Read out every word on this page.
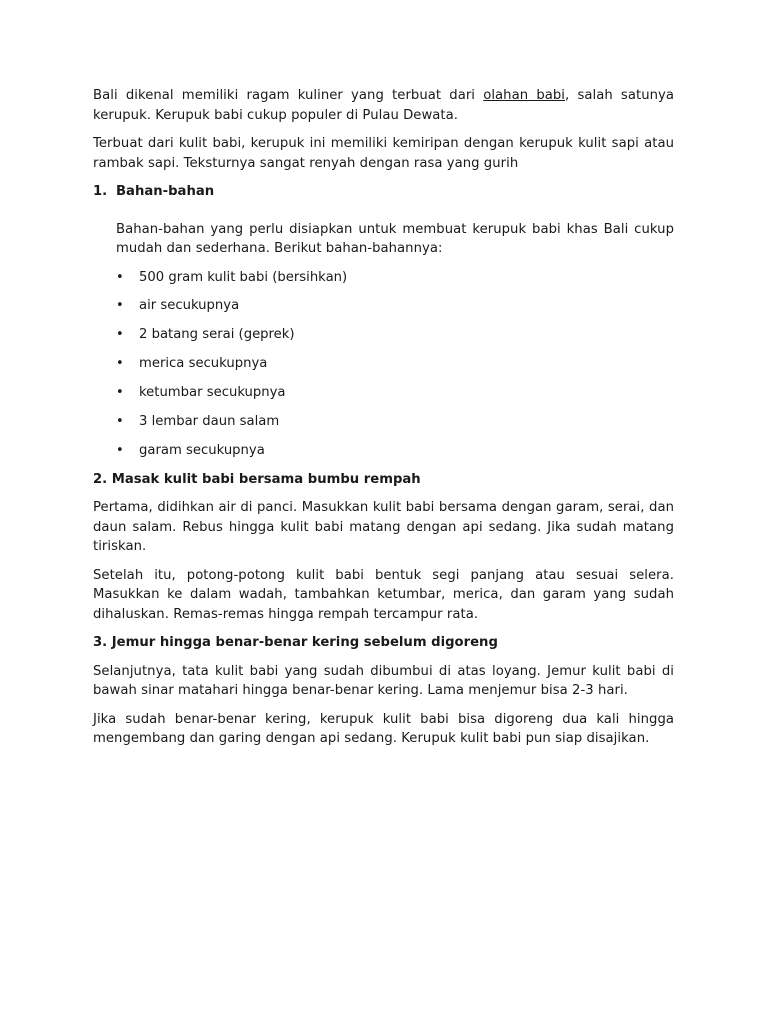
Bali dikenal memiliki ragam kuliner yang terbuat dari olahan babi, salah satunya kerupuk. Kerupuk babi cukup populer di Pulau Dewata.

Terbuat dari kulit babi, kerupuk ini memiliki kemiripan dengan kerupuk kulit sapi atau rambak sapi. Teksturnya sangat renyah dengan rasa yang gurih

1. Bahan-bahan

Bahan-bahan yang perlu disiapkan untuk membuat kerupuk babi khas Bali cukup mudah dan sederhana. Berikut bahan-bahannya:

•	500 gram kulit babi (bersihkan)
•	air secukupnya
•	2 batang serai (geprek)
•	merica secukupnya
•	ketumbar secukupnya
•	3 lembar daun salam
•	garam secukupnya
2. Masak kulit babi bersama bumbu rempah

Pertama, didihkan air di panci. Masukkan kulit babi bersama dengan garam, serai, dan daun salam. Rebus hingga kulit babi matang dengan api sedang. Jika sudah matang tiriskan.

Setelah itu, potong-potong kulit babi bentuk segi panjang atau sesuai selera. Masukkan ke dalam wadah, tambahkan ketumbar, merica, dan garam yang sudah dihaluskan. Remas-remas hingga rempah tercampur rata.

3. Jemur hingga benar-benar kering sebelum digoreng

Selanjutnya, tata kulit babi yang sudah dibumbui di atas loyang. Jemur kulit babi di bawah sinar matahari hingga benar-benar kering. Lama menjemur bisa 2-3 hari.

Jika sudah benar-benar kering, kerupuk kulit babi bisa digoreng dua kali hingga mengembang dan garing dengan api sedang. Kerupuk kulit babi pun siap disajikan.
